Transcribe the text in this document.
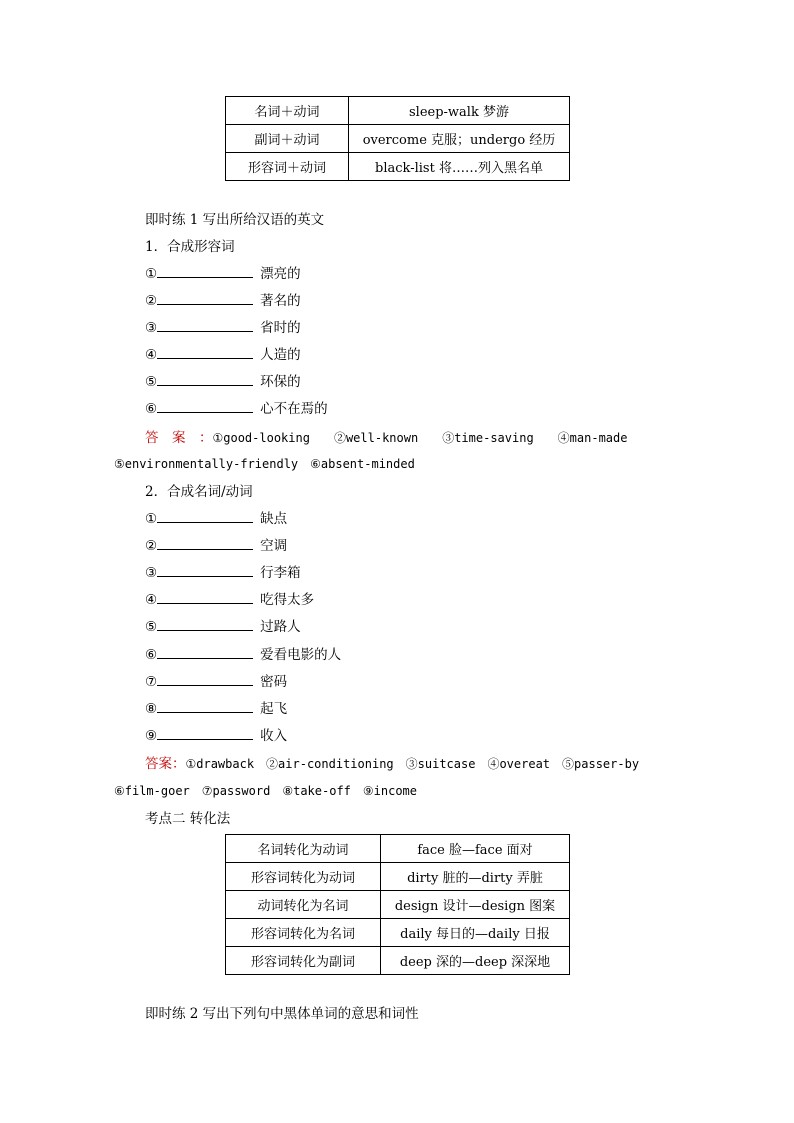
名词＋动词	sleep-walk 梦游
副词＋动词	overcome 克服；undergo 经历
形容词＋动词	black-list 将……列入黑名单
即时练 1 写出所给汉语的英文
1．合成形容词
①	漂亮的
②	著名的
③	省时的
④	人造的
⑤	环保的
⑥	心不在焉的
答　案　：①good-looking　　②well-known　　③time-saving　　④man-made
⑤environmentally-friendly　⑥absent-minded
2．合成名词/动词
①	缺点
②	空调
③	行李箱
④	吃得太多
⑤	过路人
⑥	爱看电影的人
⑦	密码
⑧	起飞
⑨	收入
答案：①drawback　②air-conditioning　③suitcase　④overeat　⑤passer-by
⑥film-goer　⑦password　⑧take-off　⑨income
考点二 转化法
名词转化为动词	face 脸—face 面对
形容词转化为动词	dirty 脏的—dirty 弄脏
动词转化为名词	design 设计—design 图案
形容词转化为名词	daily 每日的—daily 日报
形容词转化为副词	deep 深的—deep 深深地
即时练 2 写出下列句中黑体单词的意思和词性
